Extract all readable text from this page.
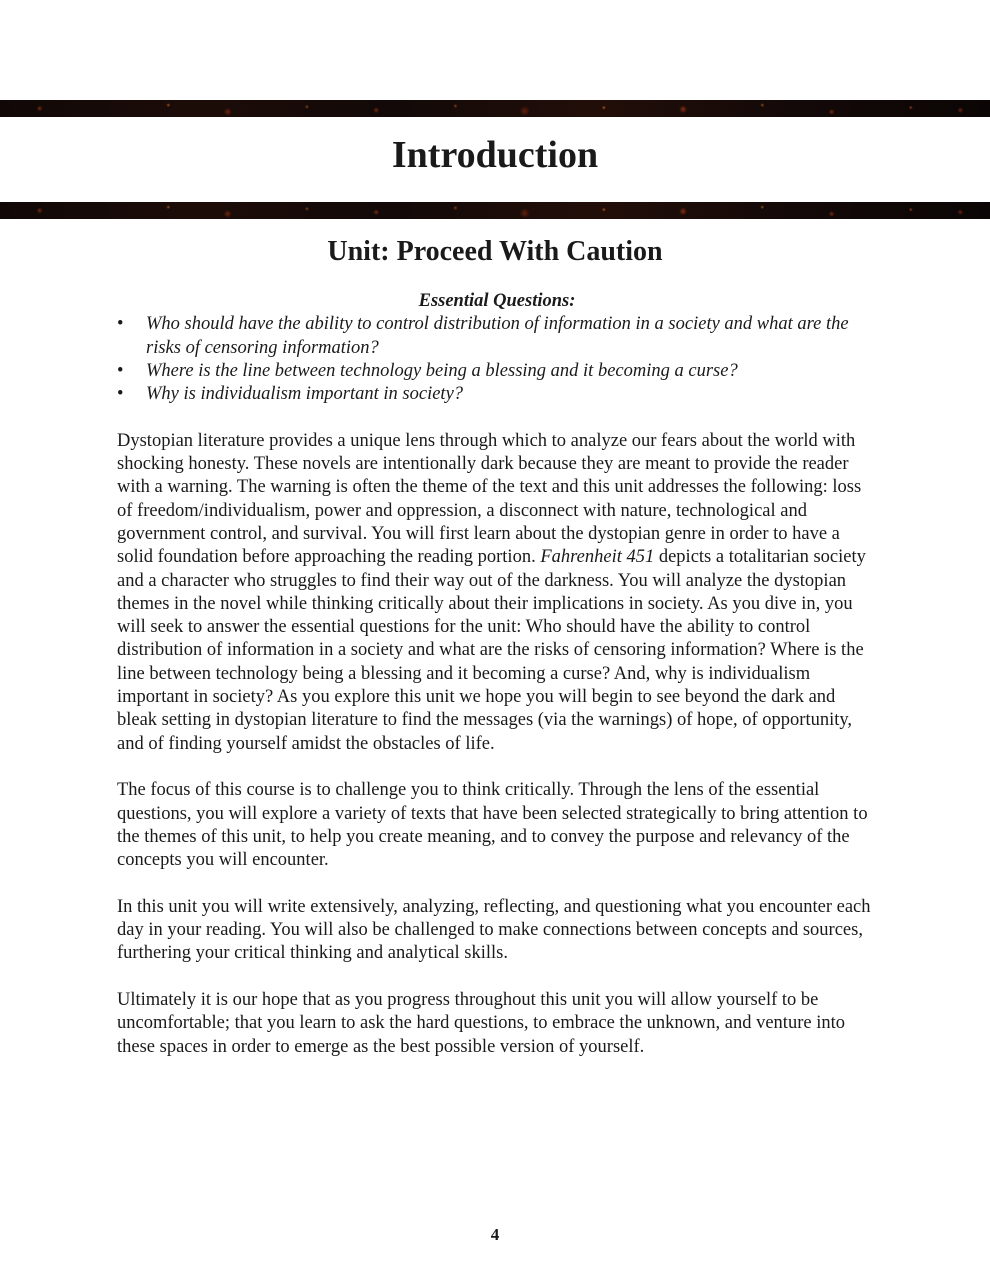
Introduction
Unit: Proceed With Caution

Essential Questions:

• Who should have the ability to control distribution of information in a society and what are the risks of censoring information?
• Where is the line between technology being a blessing and it becoming a curse?
• Why is individualism important in society?

Dystopian literature provides a unique lens through which to analyze our fears about the world with shocking honesty. These novels are intentionally dark because they are meant to provide the reader with a warning. The warning is often the theme of the text and this unit addresses the following: loss of freedom/individualism, power and oppression, a disconnect with nature, technological and government control, and survival. You will first learn about the dystopian genre in order to have a solid foundation before approaching the reading portion. Fahrenheit 451 depicts a totalitarian society and a character who struggles to find their way out of the darkness. You will analyze the dystopian themes in the novel while thinking critically about their implications in society. As you dive in, you will seek to answer the essential questions for the unit: Who should have the ability to control distribution of information in a society and what are the risks of censoring information? Where is the line between technology being a blessing and it becoming a curse? And, why is individualism important in society? As you explore this unit we hope you will begin to see beyond the dark and bleak setting in dystopian literature to find the messages (via the warnings) of hope, of opportunity, and of finding yourself amidst the obstacles of life.

The focus of this course is to challenge you to think critically. Through the lens of the essential questions, you will explore a variety of texts that have been selected strategically to bring attention to the themes of this unit, to help you create meaning, and to convey the purpose and relevancy of the concepts you will encounter.

In this unit you will write extensively, analyzing, reflecting, and questioning what you encounter each day in your reading. You will also be challenged to make connections between concepts and sources, furthering your critical thinking and analytical skills.

Ultimately it is our hope that as you progress throughout this unit you will allow yourself to be uncomfortable; that you learn to ask the hard questions, to embrace the unknown, and venture into these spaces in order to emerge as the best possible version of yourself.

4
